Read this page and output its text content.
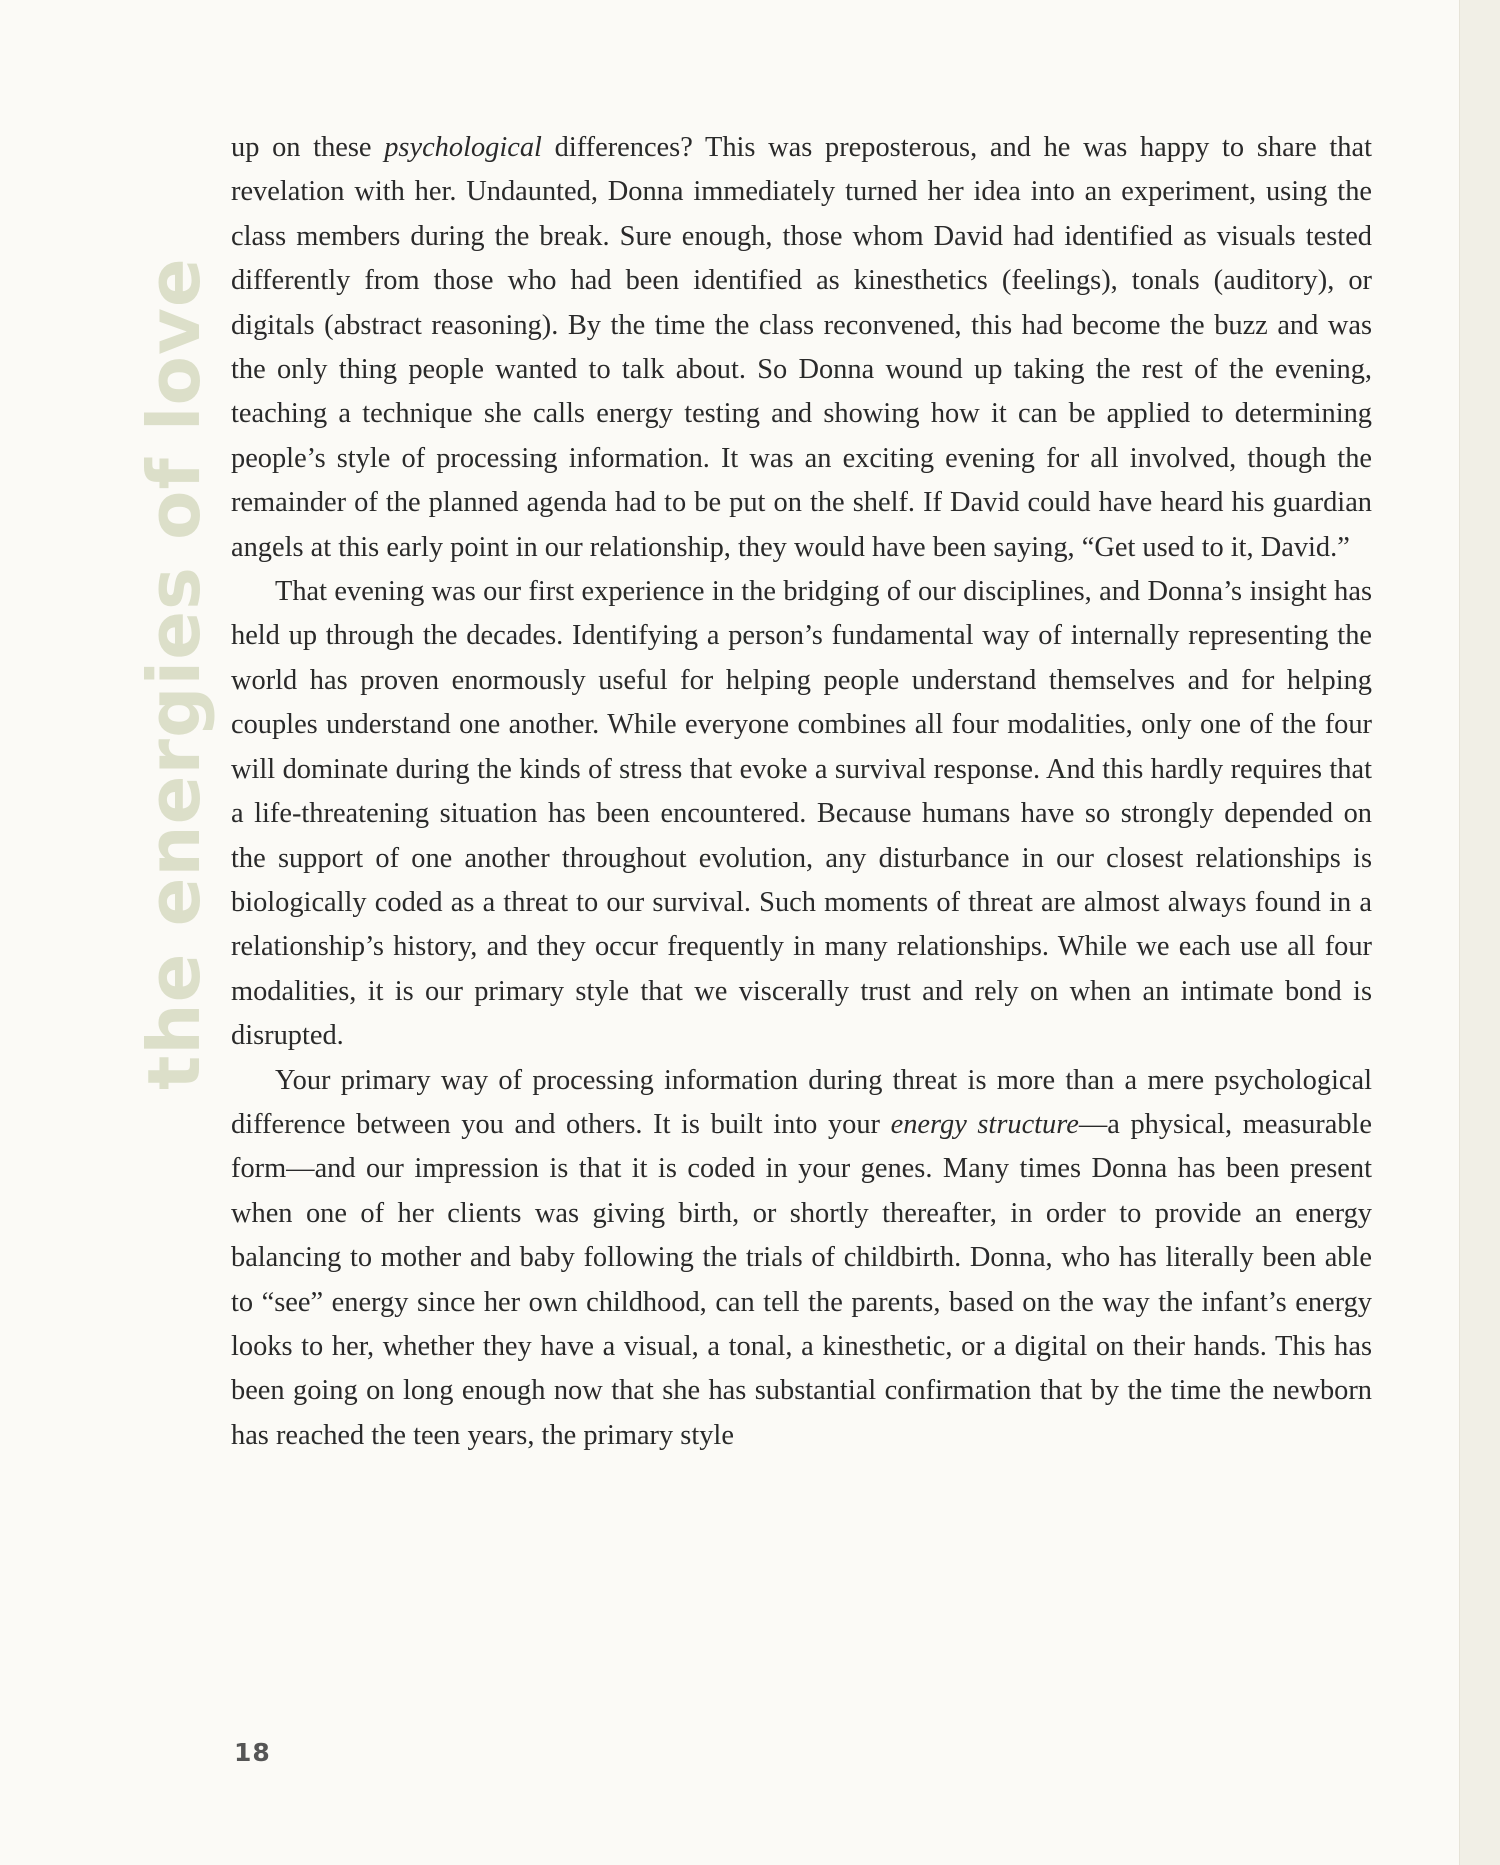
the energies of love

up on these psychological differences? This was preposterous, and he was happy to share that revelation with her. Undaunted, Donna immediately turned her idea into an experiment, using the class members during the break. Sure enough, those whom David had identified as visuals tested differently from those who had been identified as kinesthetics (feelings), tonals (auditory), or digitals (abstract reasoning). By the time the class reconvened, this had become the buzz and was the only thing people wanted to talk about. So Donna wound up taking the rest of the evening, teaching a technique she calls energy testing and showing how it can be applied to determining people’s style of processing information. It was an exciting evening for all involved, though the remainder of the planned agenda had to be put on the shelf. If David could have heard his guardian angels at this early point in our relationship, they would have been saying, “Get used to it, David.”

That evening was our first experience in the bridging of our disciplines, and Donna’s insight has held up through the decades. Identifying a person’s fundamental way of internally representing the world has proven enormously useful for helping people understand themselves and for helping couples understand one another. While everyone combines all four modalities, only one of the four will dominate during the kinds of stress that evoke a survival response. And this hardly requires that a life-threatening situation has been encountered. Because humans have so strongly depended on the support of one another throughout evolution, any disturbance in our closest relationships is biologically coded as a threat to our survival. Such moments of threat are almost always found in a relationship’s history, and they occur frequently in many relationships. While we each use all four modalities, it is our primary style that we viscerally trust and rely on when an intimate bond is disrupted.

Your primary way of processing information during threat is more than a mere psychological difference between you and others. It is built into your energy structure—a physical, measurable form—and our impression is that it is coded in your genes. Many times Donna has been present when one of her clients was giving birth, or shortly thereafter, in order to provide an energy balancing to mother and baby following the trials of childbirth. Donna, who has literally been able to “see” energy since her own childhood, can tell the parents, based on the way the infant’s energy looks to her, whether they have a visual, a tonal, a kinesthetic, or a digital on their hands. This has been going on long enough now that she has substantial confirmation that by the time the newborn has reached the teen years, the primary style

18
